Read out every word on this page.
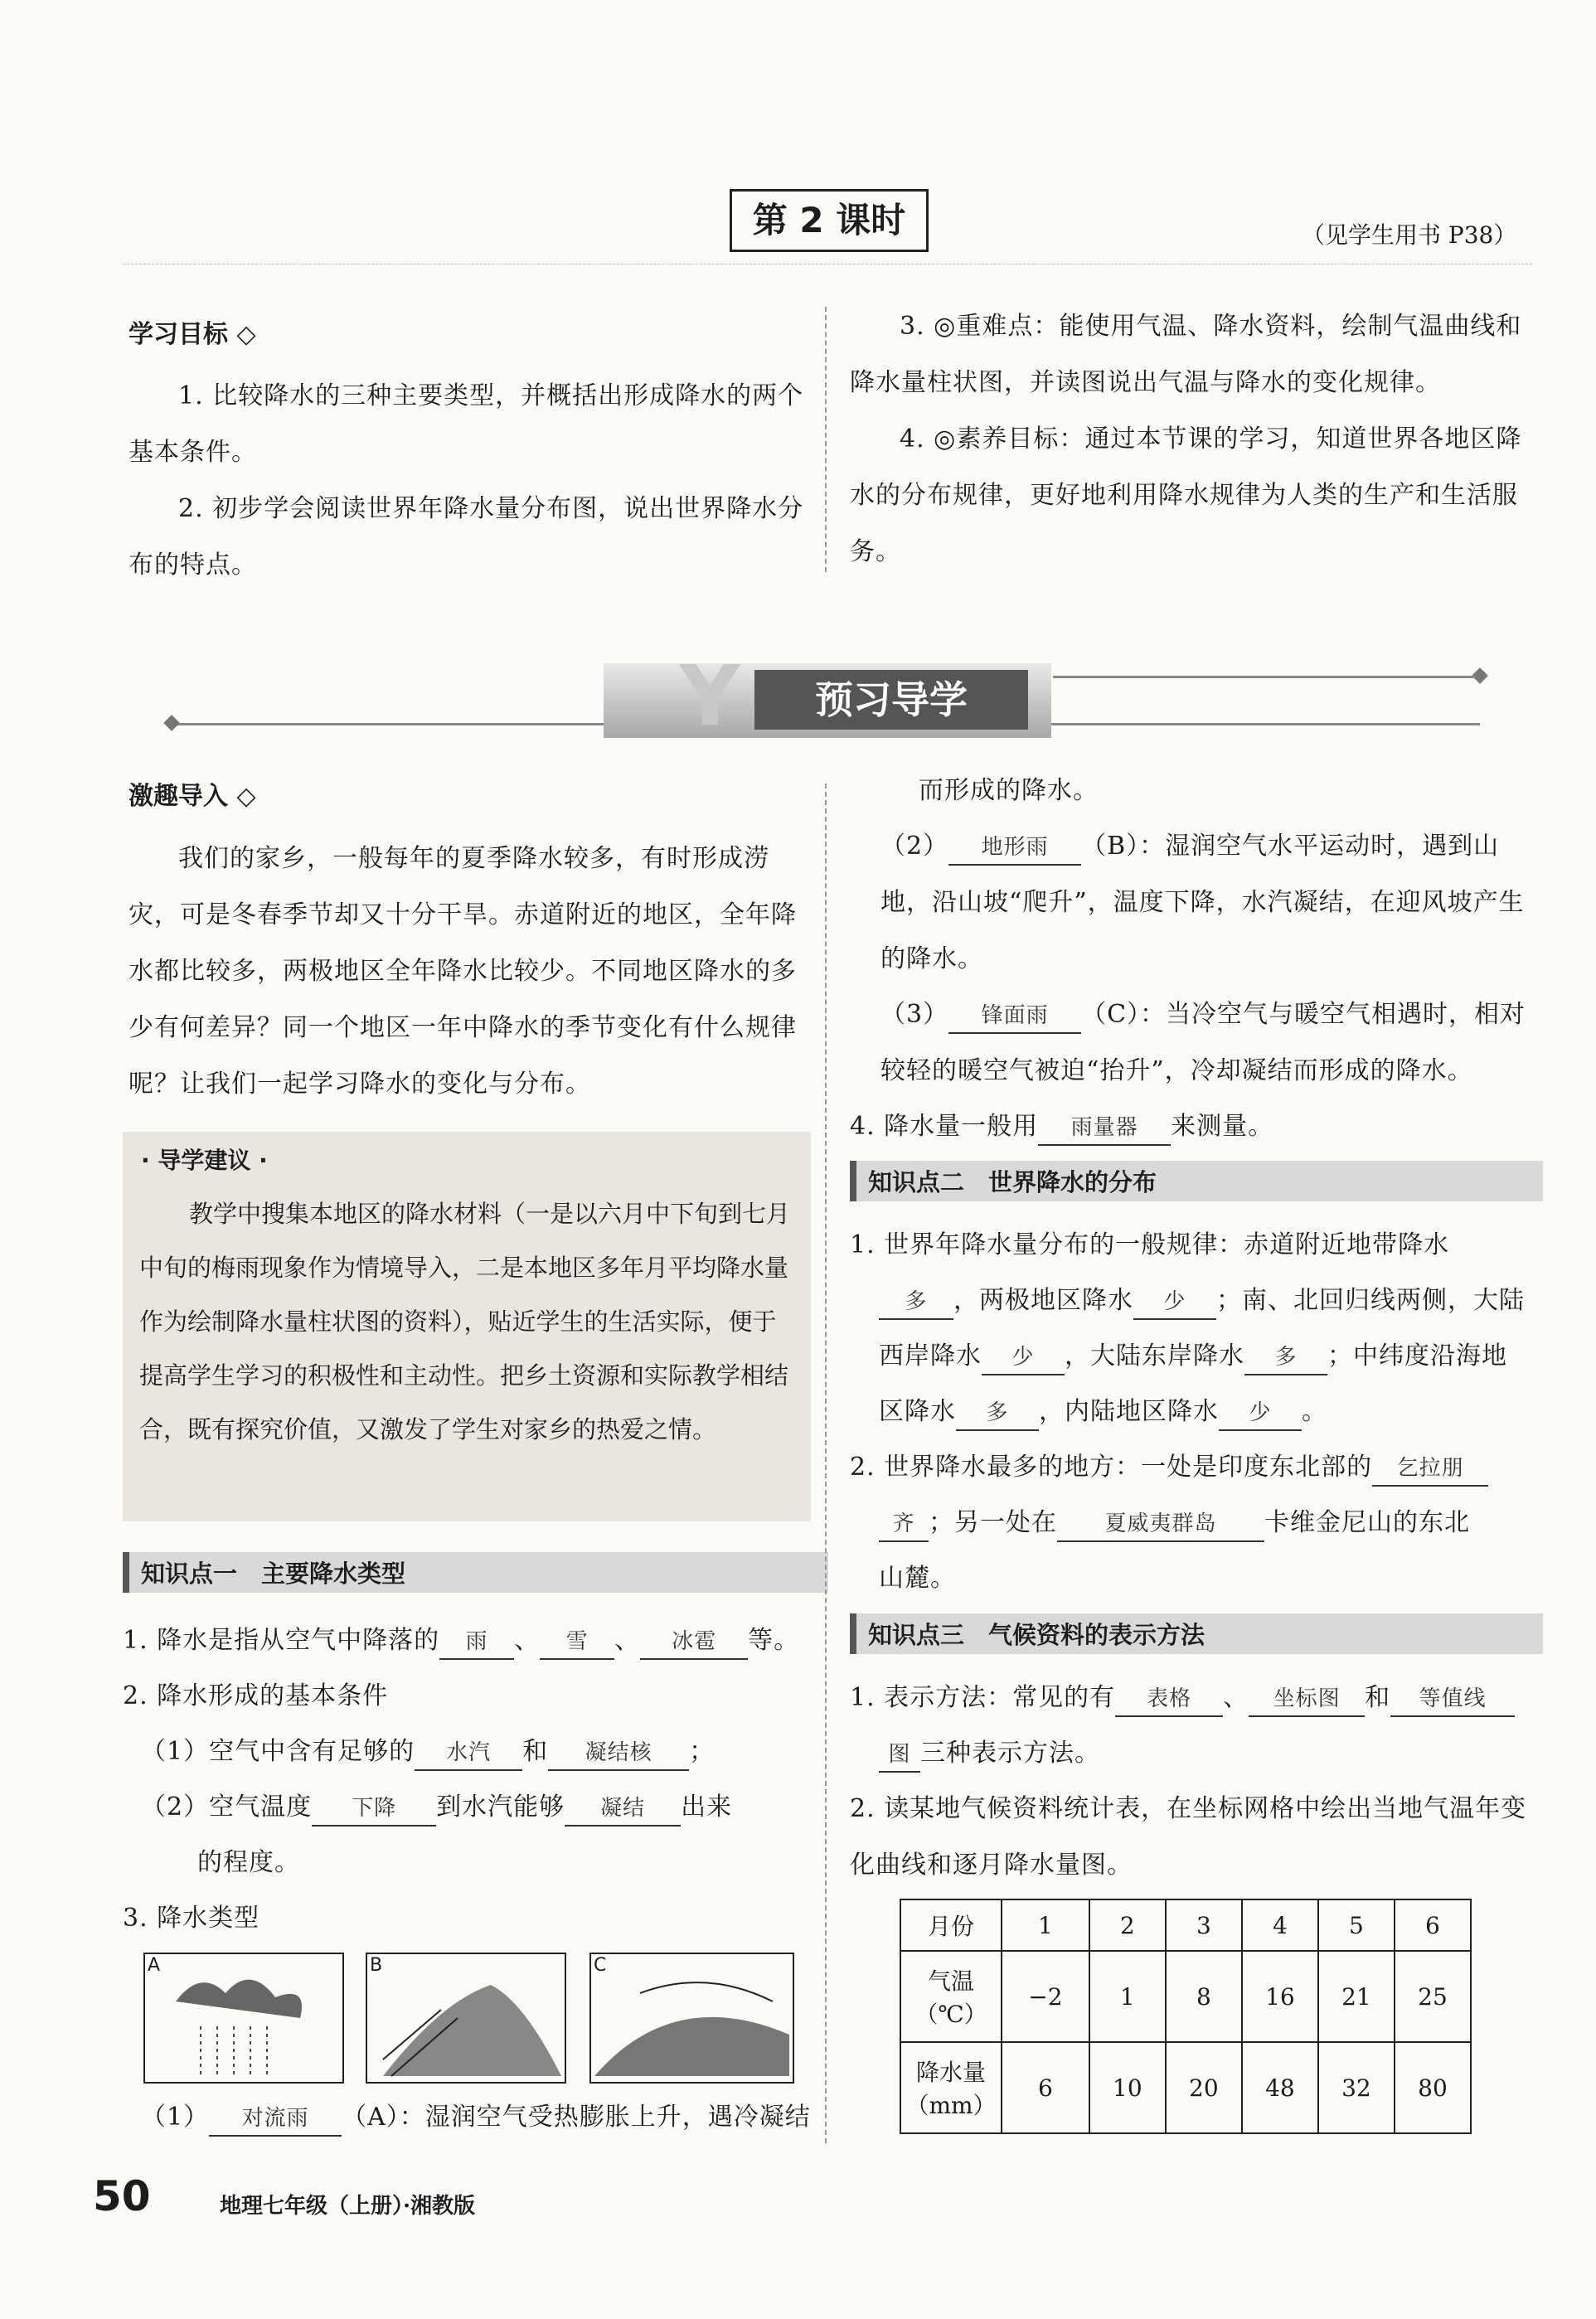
第 2 课时	（见学生用书 P38）
学习目标 ◇
1. 比较降水的三种主要类型，并概括出形成降水的两个基本条件。
2. 初步学会阅读世界年降水量分布图，说出世界降水分布的特点。
3. ◎重难点：能使用气温、降水资料，绘制气温曲线和降水量柱状图，并读图说出气温与降水的变化规律。
4. ◎素养目标：通过本节课的学习，知道世界各地区降水的分布规律，更好地利用降水规律为人类的生产和生活服务。
Y	预习导学
激趣导入 ◇
我们的家乡，一般每年的夏季降水较多，有时形成涝灾，可是冬春季节却又十分干旱。赤道附近的地区，全年降水都比较多，两极地区全年降水比较少。不同地区降水的多少有何差异？同一个地区一年中降水的季节变化有什么规律呢？让我们一起学习降水的变化与分布。
· 导学建议 ·
教学中搜集本地区的降水材料（一是以六月中下旬到七月中旬的梅雨现象作为情境导入，二是本地区多年月平均降水量作为绘制降水量柱状图的资料），贴近学生的生活实际，便于提高学生学习的积极性和主动性。把乡土资源和实际教学相结合，既有探究价值，又激发了学生对家乡的热爱之情。
知识点一　主要降水类型
1. 降水是指从空气中降落的 雨 、 雪 、 冰雹 等。
2. 降水形成的基本条件
（1）空气中含有足够的 水汽 和 凝结核 ；
（2）空气温度 下降 到水汽能够 凝结 出来
的程度。
3. 降水类型
A	B	C
（1） 对流雨 （A）：湿润空气受热膨胀上升，遇冷凝结
而形成的降水。
（2） 地形雨 （B）：湿润空气水平运动时，遇到山地，沿山坡“爬升”，温度下降，水汽凝结，在迎风坡产生的降水。
（3） 锋面雨 （C）：当冷空气与暖空气相遇时，相对较轻的暖空气被迫“抬升”，冷却凝结而形成的降水。
4. 降水量一般用 雨量器 来测量。
知识点二　世界降水的分布
1. 世界年降水量分布的一般规律：赤道附近地带降水
多 ，两极地区降水 少 ；南、北回归线两侧，大陆
西岸降水 少 ，大陆东岸降水 多 ；中纬度沿海地
区降水 多 ，内陆地区降水 少 。
2. 世界降水最多的地方：一处是印度东北部的 乞拉朋
齐 ；另一处在 夏威夷群岛 卡维金尼山的东北
山麓。
知识点三　气候资料的表示方法
1. 表示方法：常见的有 表格 、 坐标图 和 等值线
图 三种表示方法。
2. 读某地气候资料统计表，在坐标网格中绘出当地气温年变化曲线和逐月降水量图。
月份	1	2	3	4	5	6
气温（℃）	−2	1	8	16	21	25
降水量（mm）	6	10	20	48	32	80
50	地理七年级（上册）·湘教版
